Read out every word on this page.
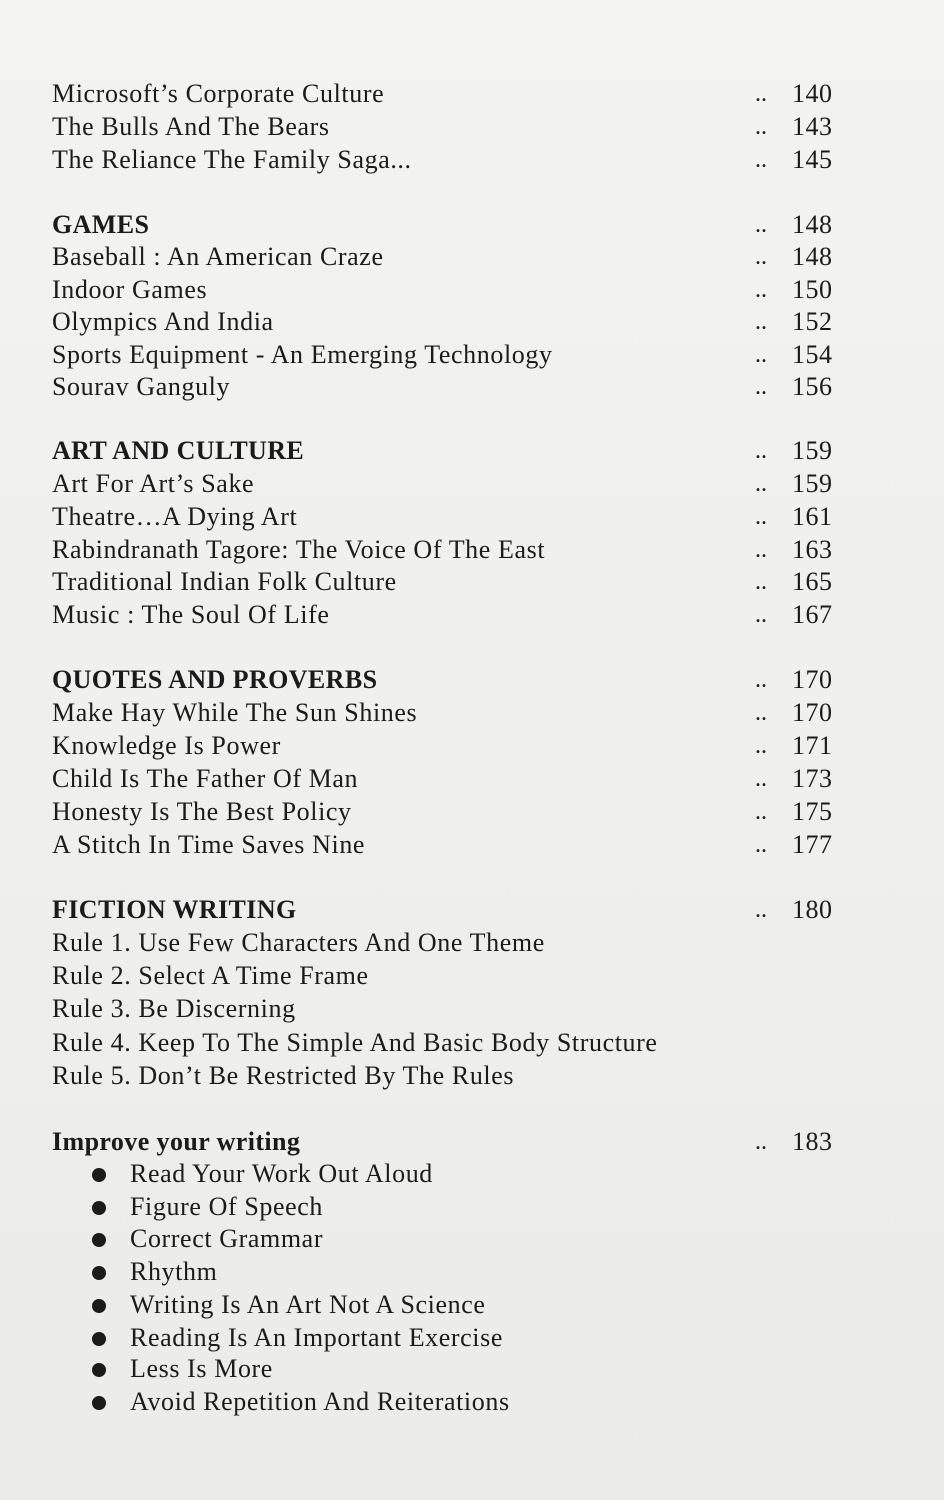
Microsoft’s Corporate Culture	.. 140
The Bulls And The Bears	.. 143
The Reliance The Family Saga...	.. 145
GAMES	.. 148
Baseball : An American Craze	.. 148
Indoor Games	.. 150
Olympics And India	.. 152
Sports Equipment - An Emerging Technology	.. 154
Sourav Ganguly	.. 156
ART AND CULTURE	.. 159
Art For Art’s Sake	.. 159
Theatre…A Dying Art	.. 161
Rabindranath Tagore: The Voice Of The East	.. 163
Traditional Indian Folk Culture	.. 165
Music : The Soul Of Life	.. 167
QUOTES AND PROVERBS	.. 170
Make Hay While The Sun Shines	.. 170
Knowledge Is Power	.. 171
Child Is The Father Of Man	.. 173
Honesty Is The Best Policy	.. 175
A Stitch In Time Saves Nine	.. 177
FICTION WRITING	.. 180
Rule 1. Use Few Characters And One Theme
Rule 2. Select A Time Frame
Rule 3. Be Discerning
Rule 4. Keep To The Simple And Basic Body Structure
Rule 5. Don’t Be Restricted By The Rules
Improve your writing	.. 183
Read Your Work Out Aloud
Figure Of Speech
Correct Grammar
Rhythm
Writing Is An Art Not A Science
Reading Is An Important Exercise
Less Is More
Avoid Repetition And Reiterations
